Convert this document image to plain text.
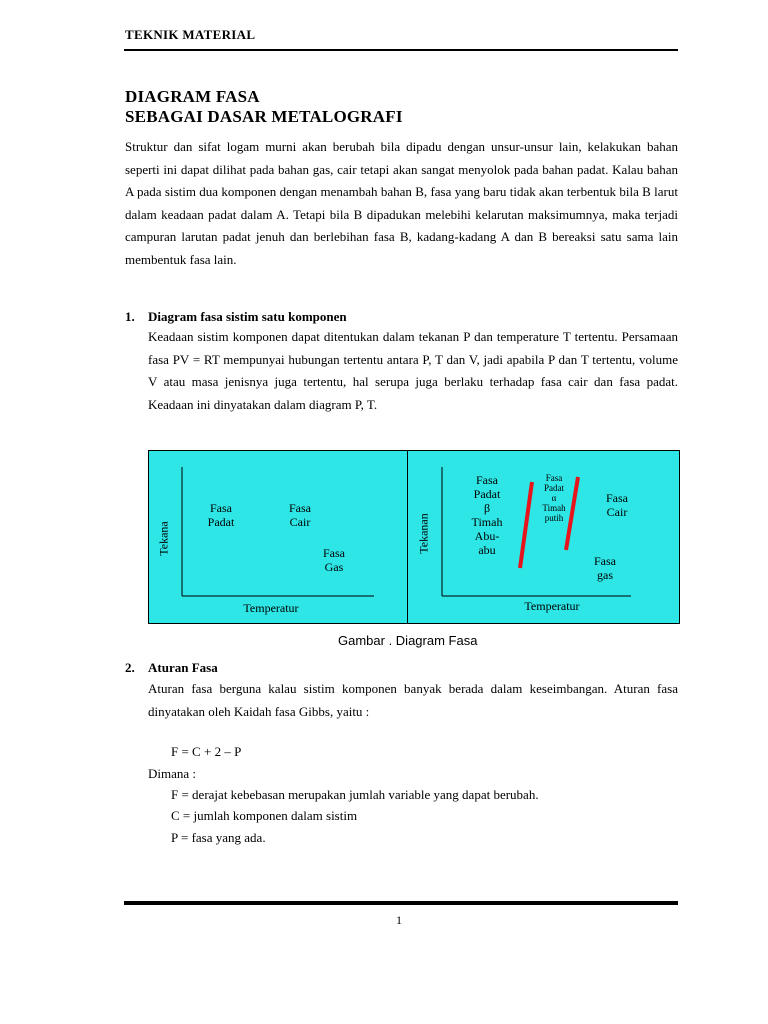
TEKNIK MATERIAL
DIAGRAM FASA
SEBAGAI DASAR METALOGRAFI
Struktur dan sifat logam murni akan berubah bila dipadu dengan unsur-unsur lain, kelakukan bahan seperti ini dapat dilihat pada bahan gas, cair tetapi akan sangat menyolok pada bahan padat. Kalau bahan A pada sistim dua komponen dengan menambah bahan B, fasa yang baru tidak akan terbentuk bila B larut dalam keadaan padat dalam A. Tetapi bila B dipadukan melebihi kelarutan maksimumnya, maka terjadi campuran larutan padat jenuh dan berlebihan fasa B, kadang-kadang A dan B bereaksi satu sama lain membentuk fasa lain.
1. Diagram fasa sistim satu komponen
Keadaan sistim komponen dapat ditentukan dalam tekanan P dan temperature T tertentu. Persamaan fasa PV = RT mempunyai hubungan tertentu antara P, T dan V, jadi apabila P dan T tertentu, volume V atau masa jenisnya juga tertentu, hal serupa juga berlaku terhadap fasa cair dan fasa padat. Keadaan ini dinyatakan dalam diagram P, T.
Tekana
Fasa
Padat
Fasa
Cair
Fasa
Gas
Temperatur
Tekanan
Fasa
Padat
β
Timah
Abu-
abu
Fasa
Padat
α
Timah
putih
Fasa
Cair
Fasa
gas
Temperatur
Gambar . Diagram Fasa
2. Aturan Fasa
Aturan fasa berguna kalau sistim komponen banyak berada dalam keseimbangan. Aturan fasa dinyatakan oleh Kaidah fasa Gibbs, yaitu :
F = C + 2 – P
Dimana :
F = derajat kebebasan merupakan jumlah variable yang dapat berubah.
C = jumlah komponen dalam sistim
P = fasa yang ada.
1
